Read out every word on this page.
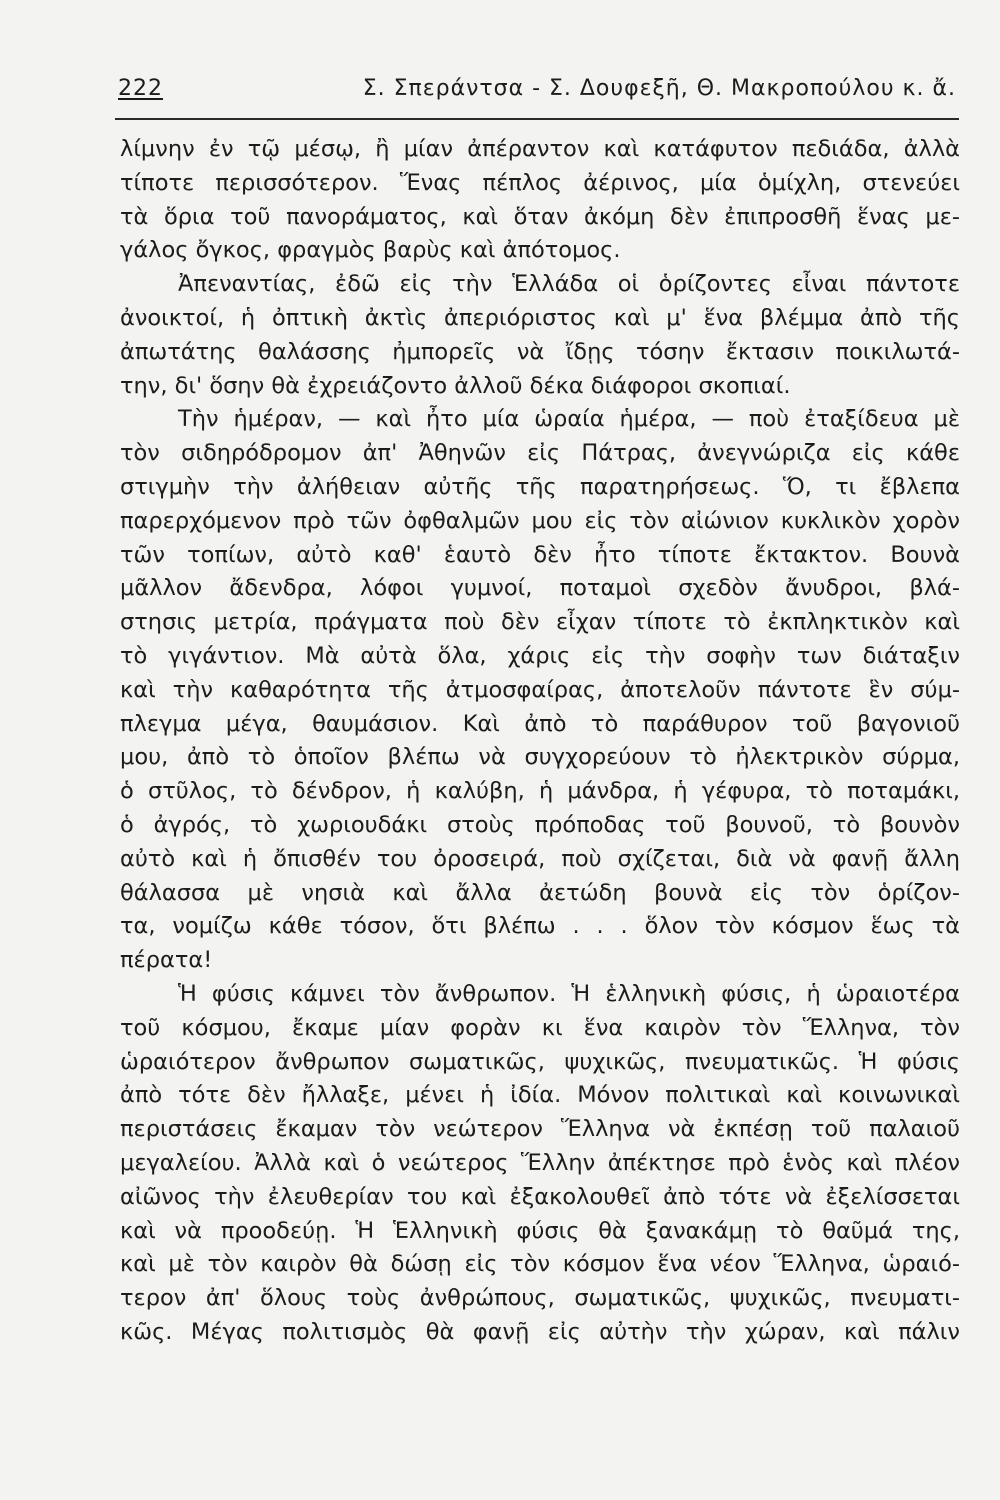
222	Σ. Σπεράντσα - Σ. Δουφεξῆ, Θ. Μακροπούλου κ. ἄ.
λίμνην ἐν τῷ μέσῳ, ἢ μίαν ἀπέραντον καὶ κατάφυτον πεδιάδα, ἀλλὰ
τίποτε περισσότερον. Ἕνας πέπλος ἀέρινος, μία ὁμίχλη, στενεύει
τὰ ὅρια τοῦ πανοράματος, καὶ ὅταν ἀκόμη δὲν ἐπιπροσθῆ ἕνας με-
γάλος ὄγκος, φραγμὸς βαρὺς καὶ ἀπότομος.
Ἀπεναντίας, ἐδῶ εἰς τὴν Ἑλλάδα οἱ ὁρίζοντες εἶναι πάντοτε
ἀνοικτοί, ἡ ὀπτικὴ ἀκτὶς ἀπεριόριστος καὶ μ' ἕνα βλέμμα ἀπὸ τῆς
ἀπωτάτης θαλάσσης ἠμπορεῖς νὰ ἴδῃς τόσην ἔκτασιν ποικιλωτά-
την, δι' ὅσην θὰ ἐχρειάζοντο ἀλλοῦ δέκα διάφοροι σκοπιαί.
Τὴν ἡμέραν, — καὶ ἦτο μία ὡραία ἡμέρα, — ποὺ ἐταξίδευα μὲ
τὸν σιδηρόδρομον ἀπ' Ἀθηνῶν εἰς Πάτρας, ἀνεγνώριζα εἰς κάθε
στιγμὴν τὴν ἀλήθειαν αὐτῆς τῆς παρατηρήσεως. Ὅ, τι ἔβλεπα
παρερχόμενον πρὸ τῶν ὀφθαλμῶν μου εἰς τὸν αἰώνιον κυκλικὸν χορὸν
τῶν τοπίων, αὐτὸ καθ' ἑαυτὸ δὲν ἦτο τίποτε ἔκτακτον. Βουνὰ
μᾶλλον ἄδενδρα, λόφοι γυμνοί, ποταμοὶ σχεδὸν ἄνυδροι, βλά-
στησις μετρία, πράγματα ποὺ δὲν εἶχαν τίποτε τὸ ἐκπληκτικὸν καὶ
τὸ γιγάντιον. Μὰ αὐτὰ ὅλα, χάρις εἰς τὴν σοφὴν των διάταξιν
καὶ τὴν καθαρότητα τῆς ἀτμοσφαίρας, ἀποτελοῦν πάντοτε ἓν σύμ-
πλεγμα μέγα, θαυμάσιον. Καὶ ἀπὸ τὸ παράθυρον τοῦ βαγονιοῦ
μου, ἀπὸ τὸ ὁποῖον βλέπω νὰ συγχορεύουν τὸ ἠλεκτρικὸν σύρμα,
ὁ στῦλος, τὸ δένδρον, ἡ καλύβη, ἡ μάνδρα, ἡ γέφυρα, τὸ ποταμάκι,
ὁ ἀγρός, τὸ χωριουδάκι στοὺς πρόποδας τοῦ βουνοῦ, τὸ βουνὸν
αὐτὸ καὶ ἡ ὄπισθέν του ὀροσειρά, ποὺ σχίζεται, διὰ νὰ φανῇ ἄλλη
θάλασσα μὲ νησιὰ καὶ ἄλλα ἀετώδη βουνὰ εἰς τὸν ὁρίζον-
τα, νομίζω κάθε τόσον, ὅτι βλέπω . . . ὅλον τὸν κόσμον ἕως τὰ
πέρατα!
Ἡ φύσις κάμνει τὸν ἄνθρωπον. Ἡ ἑλληνικὴ φύσις, ἡ ὡραιοτέρα
τοῦ κόσμου, ἔκαμε μίαν φορὰν κι ἕνα καιρὸν τὸν Ἕλληνα, τὸν
ὡραιότερον ἄνθρωπον σωματικῶς, ψυχικῶς, πνευματικῶς. Ἡ φύσις
ἀπὸ τότε δὲν ἤλλαξε, μένει ἡ ἰδία. Μόνον πολιτικαὶ καὶ κοινωνικαὶ
περιστάσεις ἔκαμαν τὸν νεώτερον Ἕλληνα νὰ ἐκπέσῃ τοῦ παλαιοῦ
μεγαλείου. Ἀλλὰ καὶ ὁ νεώτερος Ἕλλην ἀπέκτησε πρὸ ἑνὸς καὶ πλέον
αἰῶνος τὴν ἐλευθερίαν του καὶ ἐξακολουθεῖ ἀπὸ τότε νὰ ἐξελίσσεται
καὶ νὰ προοδεύῃ. Ἡ Ἑλληνικὴ φύσις θὰ ξανακάμῃ τὸ θαῦμά της,
καὶ μὲ τὸν καιρὸν θὰ δώσῃ εἰς τὸν κόσμον ἕνα νέον Ἕλληνα, ὡραιό-
τερον ἀπ' ὅλους τοὺς ἀνθρώπους, σωματικῶς, ψυχικῶς, πνευματι-
κῶς. Μέγας πολιτισμὸς θὰ φανῇ εἰς αὐτὴν τὴν χώραν, καὶ πάλιν
